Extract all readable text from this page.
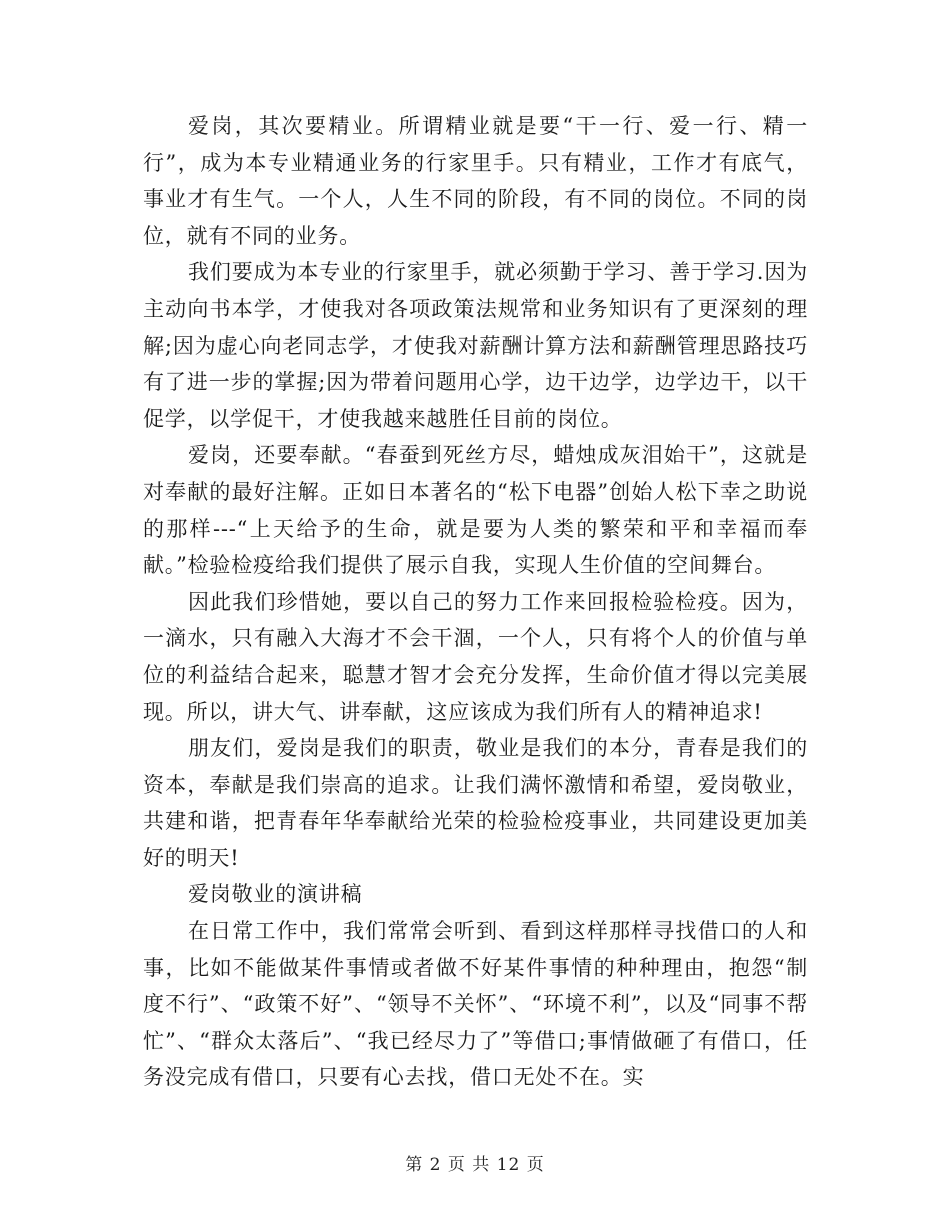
爱岗，其次要精业。所谓精业就是要“干一行、爱一行、精一行”，成为本专业精通业务的行家里手。只有精业，工作才有底气，事业才有生气。一个人，人生不同的阶段，有不同的岗位。不同的岗位，就有不同的业务。

我们要成为本专业的行家里手，就必须勤于学习、善于学习.因为主动向书本学，才使我对各项政策法规常和业务知识有了更深刻的理解;因为虚心向老同志学，才使我对薪酬计算方法和薪酬管理思路技巧有了进一步的掌握;因为带着问题用心学，边干边学，边学边干，以干促学，以学促干，才使我越来越胜任目前的岗位。

爱岗，还要奉献。“春蚕到死丝方尽，蜡烛成灰泪始干”，这就是对奉献的最好注解。正如日本著名的“松下电器”创始人松下幸之助说的那样---“上天给予的生命，就是要为人类的繁荣和平和幸福而奉献。”检验检疫给我们提供了展示自我，实现人生价值的空间舞台。

因此我们珍惜她，要以自己的努力工作来回报检验检疫。因为，一滴水，只有融入大海才不会干涸，一个人，只有将个人的价值与单位的利益结合起来，聪慧才智才会充分发挥，生命价值才得以完美展现。所以，讲大气、讲奉献，这应该成为我们所有人的精神追求!

朋友们，爱岗是我们的职责，敬业是我们的本分，青春是我们的资本，奉献是我们崇高的追求。让我们满怀激情和希望，爱岗敬业，共建和谐，把青春年华奉献给光荣的检验检疫事业，共同建设更加美好的明天!

爱岗敬业的演讲稿

在日常工作中，我们常常会听到、看到这样那样寻找借口的人和事，比如不能做某件事情或者做不好某件事情的种种理由，抱怨“制度不行”、“政策不好”、“领导不关怀”、“环境不利”，以及“同事不帮忙”、“群众太落后”、“我已经尽力了”等借口;事情做砸了有借口，任务没完成有借口，只要有心去找，借口无处不在。实

第 2 页 共 12 页
